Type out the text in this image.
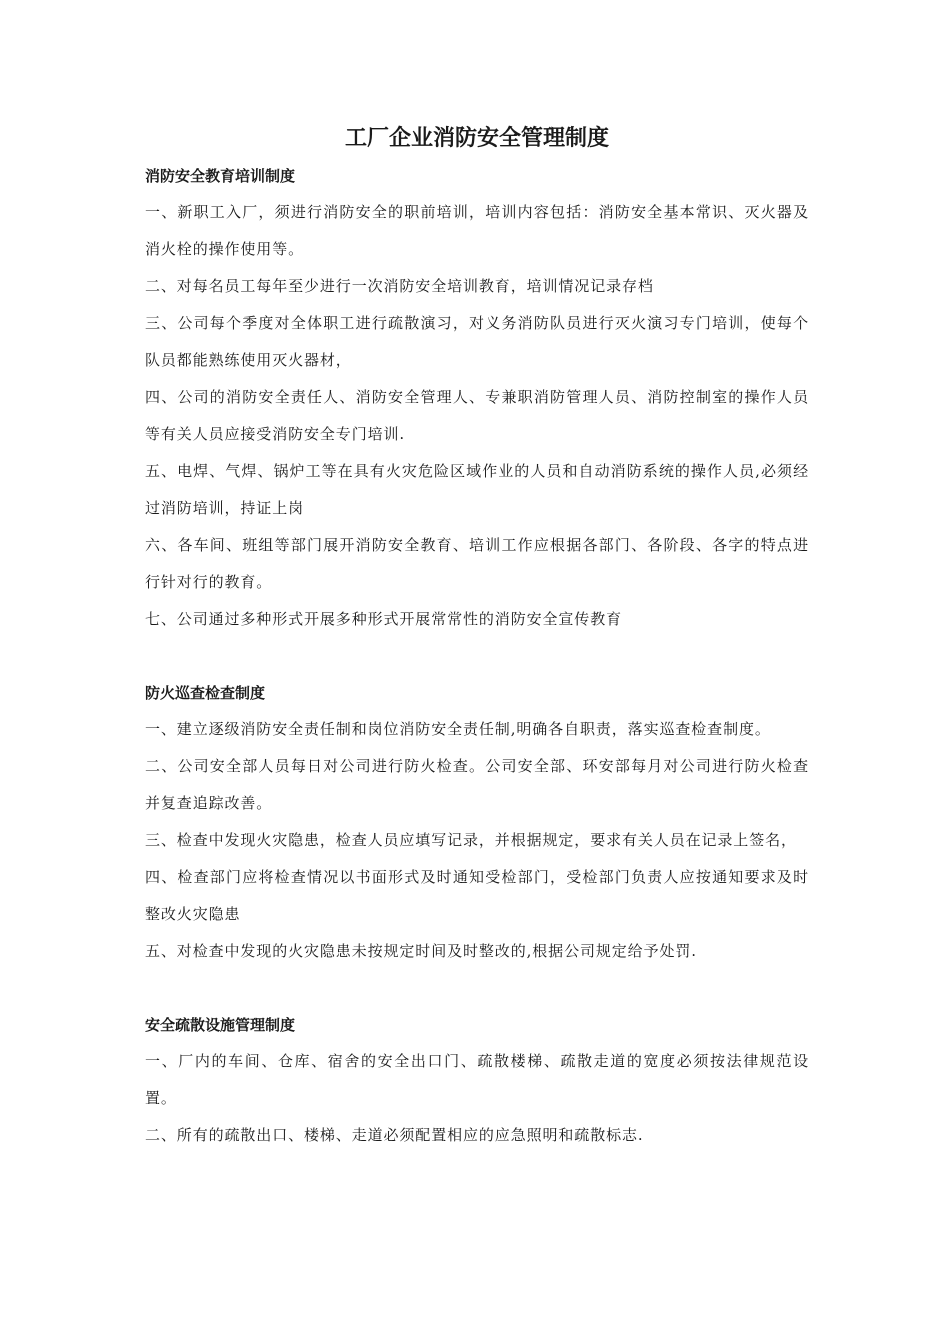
工厂企业消防安全管理制度
消防安全教育培训制度

一、新职工入厂，须进行消防安全的职前培训，培训内容包括：消防安全基本常识、灭火器及消火栓的操作使用等。

二、对每名员工每年至少进行一次消防安全培训教育，培训情况记录存档

三、公司每个季度对全体职工进行疏散演习，对义务消防队员进行灭火演习专门培训，使每个队员都能熟练使用灭火器材，

四、公司的消防安全责任人、消防安全管理人、专兼职消防管理人员、消防控制室的操作人员等有关人员应接受消防安全专门培训.

五、电焊、气焊、锅炉工等在具有火灾危险区域作业的人员和自动消防系统的操作人员,必须经过消防培训，持证上岗

六、各车间、班组等部门展开消防安全教育、培训工作应根据各部门、各阶段、各字的特点进行针对行的教育。

七、公司通过多种形式开展多种形式开展常常性的消防安全宣传教育

防火巡查检查制度

一、建立逐级消防安全责任制和岗位消防安全责任制,明确各自职责，落实巡查检查制度。

二、公司安全部人员每日对公司进行防火检查。公司安全部、环安部每月对公司进行防火检查并复查追踪改善。

三、检查中发现火灾隐患，检查人员应填写记录，并根据规定，要求有关人员在记录上签名，

四、检查部门应将检查情况以书面形式及时通知受检部门，受检部门负责人应按通知要求及时整改火灾隐患

五、对检查中发现的火灾隐患未按规定时间及时整改的,根据公司规定给予处罚.

安全疏散设施管理制度

一、厂内的车间、仓库、宿舍的安全出口门、疏散楼梯、疏散走道的宽度必须按法律规范设置。

二、所有的疏散出口、楼梯、走道必须配置相应的应急照明和疏散标志.
